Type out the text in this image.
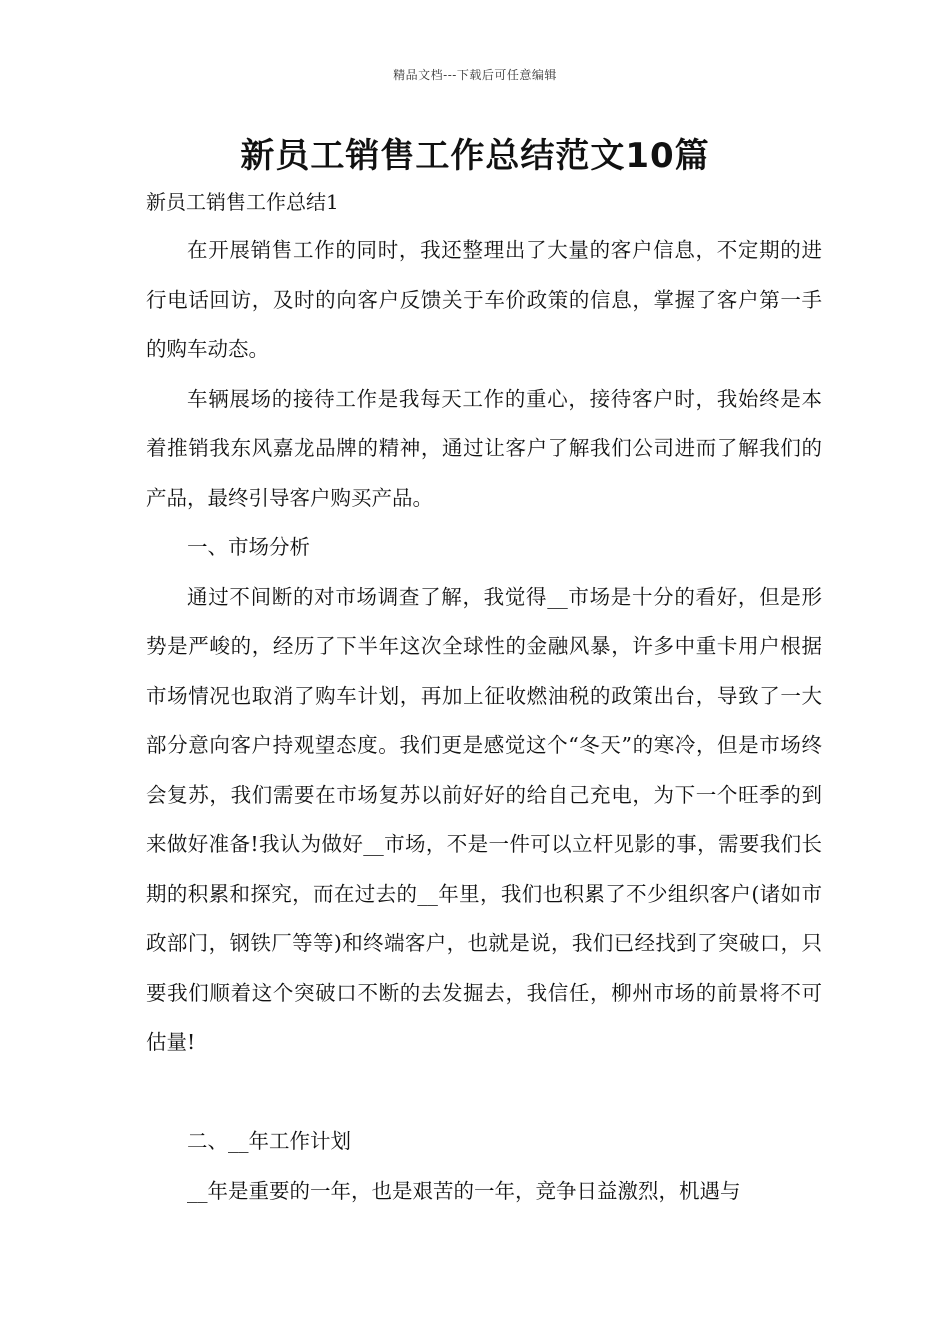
精品文档---下载后可任意编辑
新员工销售工作总结范文10篇
新员工销售工作总结1

在开展销售工作的同时，我还整理出了大量的客户信息，不定期的进行电话回访，及时的向客户反馈关于车价政策的信息，掌握了客户第一手的购车动态。

车辆展场的接待工作是我每天工作的重心，接待客户时，我始终是本着推销我东风嘉龙品牌的精神，通过让客户了解我们公司进而了解我们的产品，最终引导客户购买产品。

一、市场分析

通过不间断的对市场调查了解，我觉得__市场是十分的看好，但是形势是严峻的，经历了下半年这次全球性的金融风暴，许多中重卡用户根据市场情况也取消了购车计划，再加上征收燃油税的政策出台，导致了一大部分意向客户持观望态度。我们更是感觉这个“冬天”的寒冷，但是市场终会复苏，我们需要在市场复苏以前好好的给自己充电，为下一个旺季的到来做好准备!我认为做好__市场，不是一件可以立杆见影的事，需要我们长期的积累和探究，而在过去的__年里，我们也积累了不少组织客户(诸如市政部门，钢铁厂等等)和终端客户，也就是说，我们已经找到了突破口，只要我们顺着这个突破口不断的去发掘去，我信任，柳州市场的前景将不可估量!

二、__年工作计划

__年是重要的一年，也是艰苦的一年，竞争日益激烈，机遇与
